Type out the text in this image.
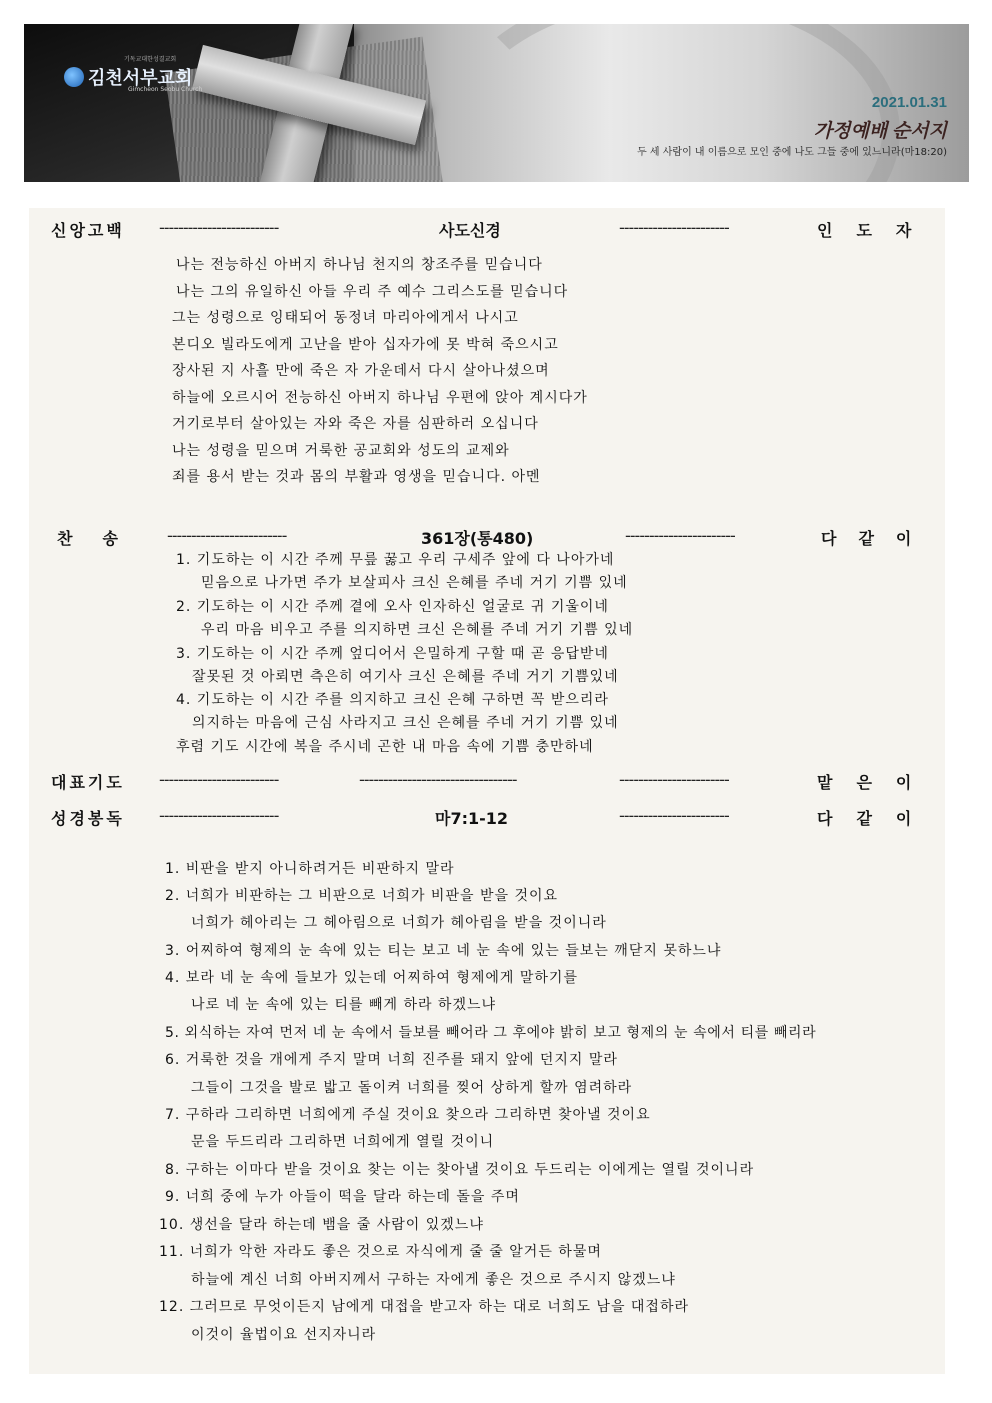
기독교대한성결교회
김천서부교회
Gimcheon Seobu Church
2021.01.31
가정예배 순서지
두 세 사람이 내 이름으로 모인 중에 나도 그들 중에 있느니라(마18:20)
신앙고백 -------------------------	사도신경	-----------------------	인도자
나는 전능하신 아버지 하나님 천지의 창조주를 믿습니다
나는 그의 유일하신 아들 우리 주 예수 그리스도를 믿습니다
그는 성령으로 잉태되어 동정녀 마리아에게서 나시고
본디오 빌라도에게 고난을 받아 십자가에 못 박혀 죽으시고
장사된 지 사흘 만에 죽은 자 가운데서 다시 살아나셨으며
하늘에 오르시어 전능하신 아버지 하나님 우편에 앉아 계시다가
거기로부터 살아있는 자와 죽은 자를 심판하러 오십니다
나는 성령을 믿으며 거룩한 공교회와 성도의 교제와
죄를 용서 받는 것과 몸의 부활과 영생을 믿습니다. 아멘
찬송 -------------------------	361장(통480)	-----------------------	다같이
1. 기도하는 이 시간 주께 무릎 꿇고 우리 구세주 앞에 다 나아가네
믿음으로 나가면 주가 보살피사 크신 은혜를 주네 거기 기쁨 있네
2. 기도하는 이 시간 주께 곁에 오사 인자하신 얼굴로 귀 기울이네
우리 마음 비우고 주를 의지하면 크신 은혜를 주네 거기 기쁨 있네
3. 기도하는 이 시간 주께 엎디어서 은밀하게 구할 때 곧 응답받네
잘못된 것 아뢰면 측은히 여기사 크신 은혜를 주네 거기 기쁨있네
4. 기도하는 이 시간 주를 의지하고 크신 은혜 구하면 꼭 받으리라
의지하는 마음에 근심 사라지고 크신 은혜를 주네 거기 기쁨 있네
후렴 기도 시간에 복을 주시네 곤한 내 마음 속에 기쁨 충만하네
대표기도 -------------------------	---------------------------------	-----------------------	맡은이
성경봉독 -------------------------	마7:1-12	-----------------------	다같이
1. 비판을 받지 아니하려거든 비판하지 말라
2. 너희가 비판하는 그 비판으로 너희가 비판을 받을 것이요
너희가 헤아리는 그 헤아림으로 너희가 헤아림을 받을 것이니라
3. 어찌하여 형제의 눈 속에 있는 티는 보고 네 눈 속에 있는 들보는 깨닫지 못하느냐
4. 보라 네 눈 속에 들보가 있는데 어찌하여 형제에게 말하기를
나로 네 눈 속에 있는 티를 빼게 하라 하겠느냐
5. 외식하는 자여 먼저 네 눈 속에서 들보를 빼어라 그 후에야 밝히 보고 형제의 눈 속에서 티를 빼리라
6. 거룩한 것을 개에게 주지 말며 너희 진주를 돼지 앞에 던지지 말라
그들이 그것을 발로 밟고 돌이켜 너희를 찢어 상하게 할까 염려하라
7. 구하라 그리하면 너희에게 주실 것이요 찾으라 그리하면 찾아낼 것이요
문을 두드리라 그리하면 너희에게 열릴 것이니
8. 구하는 이마다 받을 것이요 찾는 이는 찾아낼 것이요 두드리는 이에게는 열릴 것이니라
9. 너희 중에 누가 아들이 떡을 달라 하는데 돌을 주며
10. 생선을 달라 하는데 뱀을 줄 사람이 있겠느냐
11. 너희가 악한 자라도 좋은 것으로 자식에게 줄 줄 알거든 하물며
하늘에 계신 너희 아버지께서 구하는 자에게 좋은 것으로 주시지 않겠느냐
12. 그러므로 무엇이든지 남에게 대접을 받고자 하는 대로 너희도 남을 대접하라
이것이 율법이요 선지자니라
